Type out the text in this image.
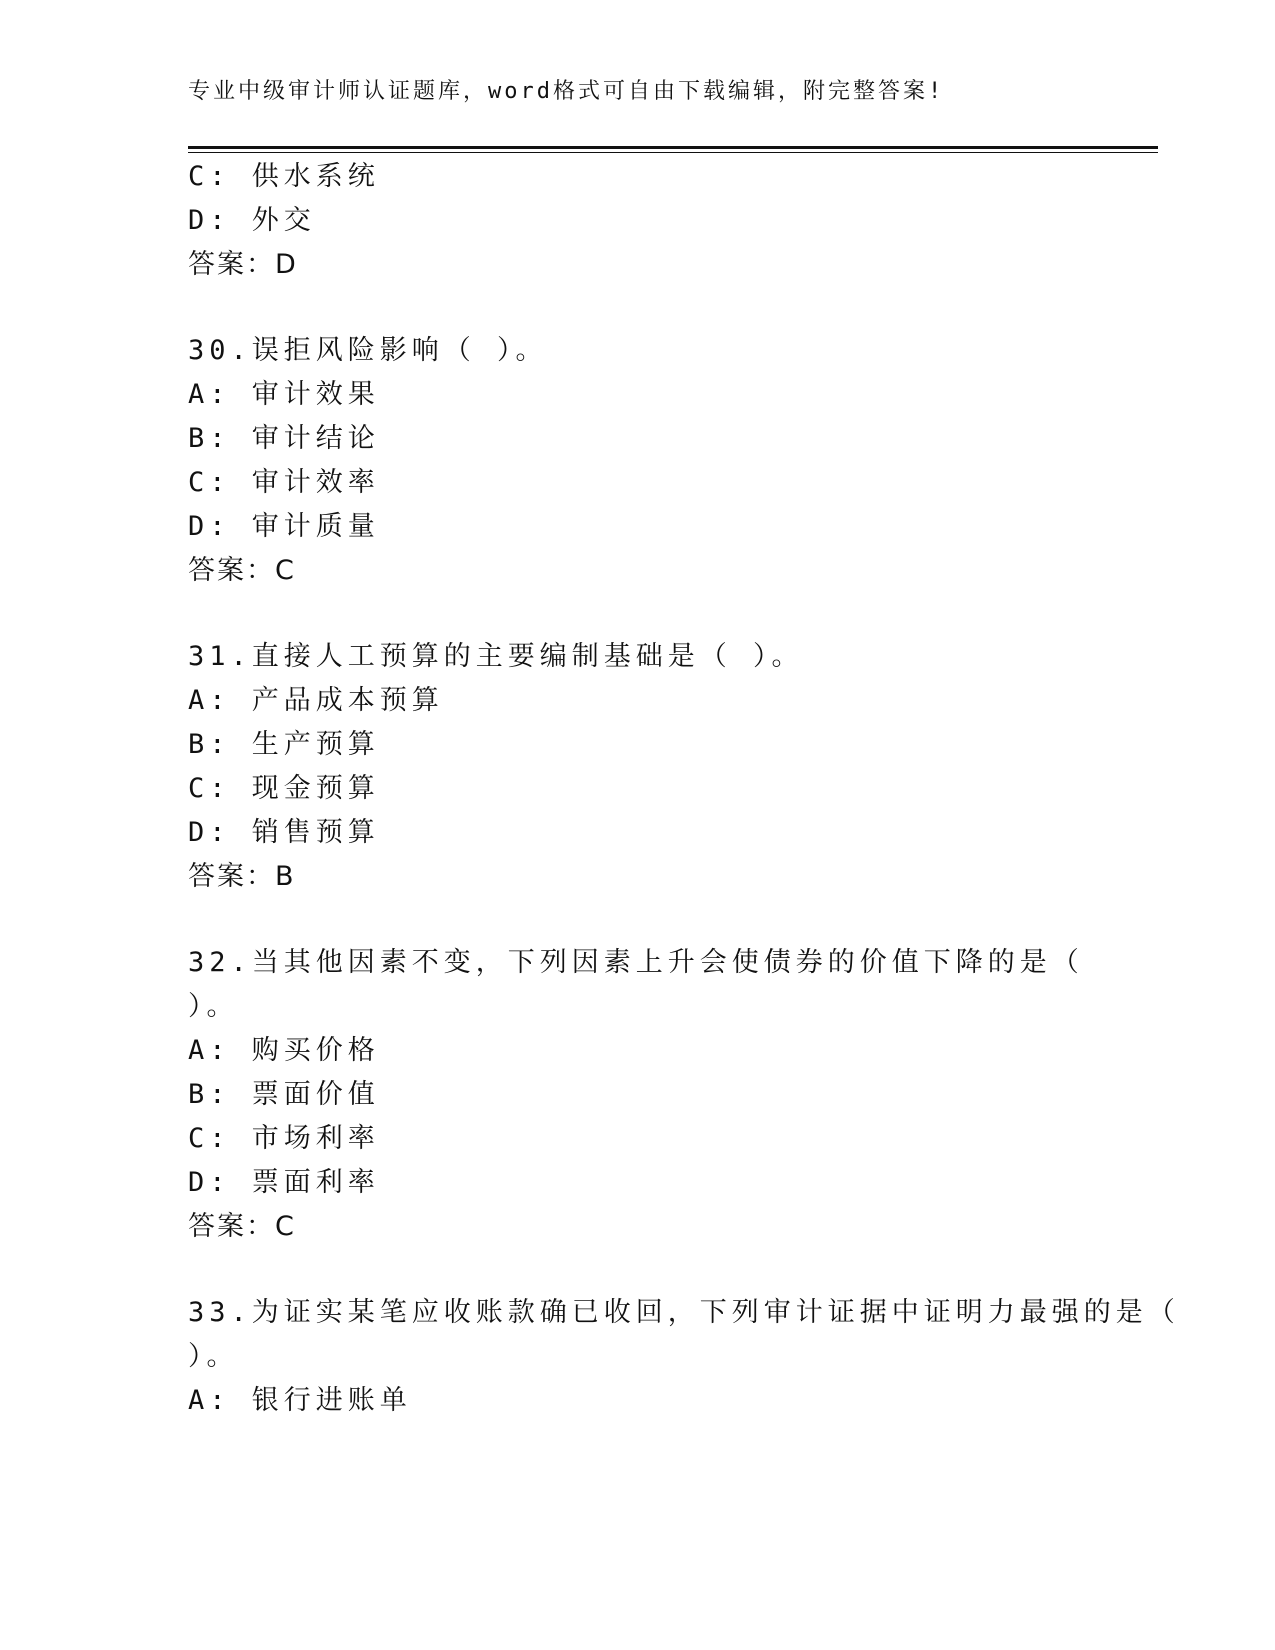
专业中级审计师认证题库，word格式可自由下载编辑，附完整答案!
C: 供水系统
D: 外交
答案：D
30.误拒风险影响（ ）。
A: 审计效果
B: 审计结论
C: 审计效率
D: 审计质量
答案：C
31.直接人工预算的主要编制基础是（ ）。
A: 产品成本预算
B: 生产预算
C: 现金预算
D: 销售预算
答案：B
32.当其他因素不变，下列因素上升会使债券的价值下降的是（
）。
A: 购买价格
B: 票面价值
C: 市场利率
D: 票面利率
答案：C
33.为证实某笔应收账款确已收回，下列审计证据中证明力最强的是（
）。
A: 银行进账单
